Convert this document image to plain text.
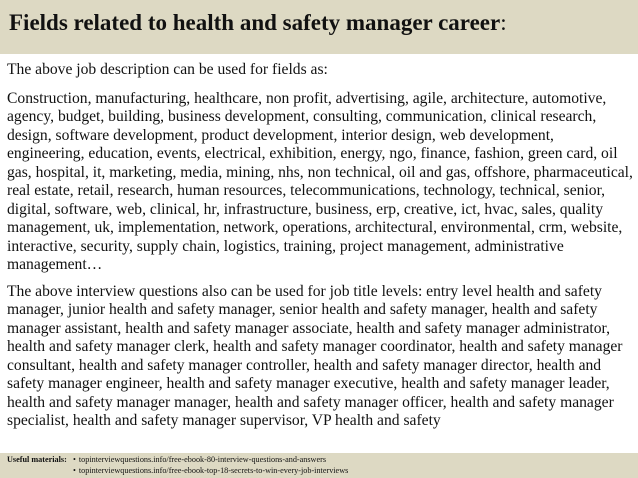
Fields related to health and safety manager career:

The above job description can be used for fields as:

Construction, manufacturing, healthcare, non profit, advertising, agile, architecture, automotive, agency, budget, building, business development, consulting, communication, clinical research, design, software development, product development, interior design, web development, engineering, education, events, electrical, exhibition, energy, ngo, finance, fashion, green card, oil gas, hospital, it, marketing, media, mining, nhs, non technical, oil and gas, offshore, pharmaceutical, real estate, retail, research, human resources, telecommunications, technology, technical, senior, digital, software, web, clinical, hr, infrastructure, business, erp, creative, ict, hvac, sales, quality management, uk, implementation, network, operations, architectural, environmental, crm, website, interactive, security, supply chain, logistics, training, project management, administrative management…

The above interview questions also can be used for job title levels: entry level health and safety manager, junior health and safety manager, senior health and safety manager, health and safety manager assistant, health and safety manager associate, health and safety manager administrator, health and safety manager clerk, health and safety manager coordinator, health and safety manager consultant, health and safety manager controller, health and safety manager director, health and safety manager engineer, health and safety manager executive, health and safety manager leader, health and safety manager manager, health and safety manager officer, health and safety manager specialist, health and safety manager supervisor, VP health and safety

Useful materials: • topinterviewquestions.info/free-ebook-80-interview-questions-and-answers
• topinterviewquestions.info/free-ebook-top-18-secrets-to-win-every-job-interviews
